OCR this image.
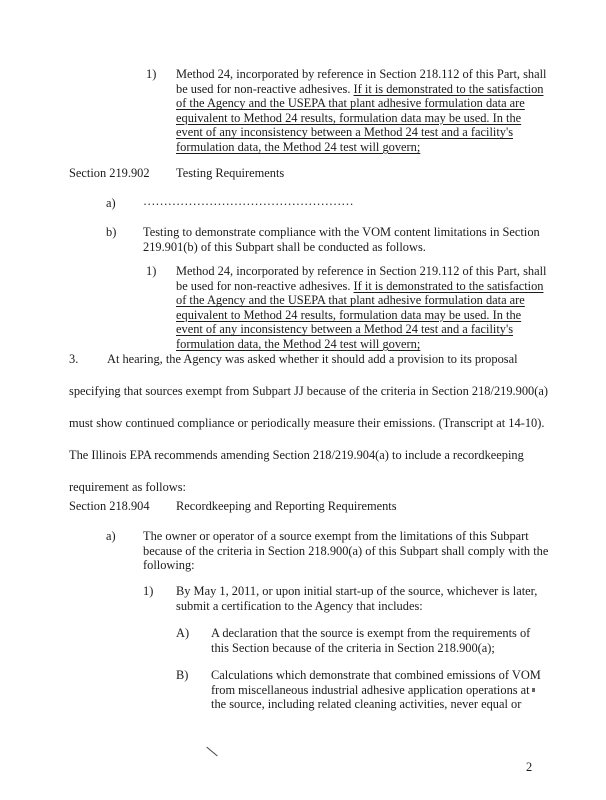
1) Method 24, incorporated by reference in Section 218.112 of this Part, shall
be used for non-reactive adhesives. If it is demonstrated to the satisfaction
of the Agency and the USEPA that plant adhesive formulation data are
equivalent to Method 24 results, formulation data may be used. In the
event of any inconsistency between a Method 24 test and a facility's
formulation data, the Method 24 test will govern;
Section 219.902 Testing Requirements
a) ……………………………………………
b) Testing to demonstrate compliance with the VOM content limitations in Section
219.901(b) of this Subpart shall be conducted as follows.
1) Method 24, incorporated by reference in Section 219.112 of this Part, shall
be used for non-reactive adhesives. If it is demonstrated to the satisfaction
of the Agency and the USEPA that plant adhesive formulation data are
equivalent to Method 24 results, formulation data may be used. In the
event of any inconsistency between a Method 24 test and a facility's
formulation data, the Method 24 test will govern;
3.	At hearing, the Agency was asked whether it should add a provision to its proposal
specifying that sources exempt from Subpart JJ because of the criteria in Section 218/219.900(a)
must show continued compliance or periodically measure their emissions. (Transcript at 14-10).
The Illinois EPA recommends amending Section 218/219.904(a) to include a recordkeeping
requirement as follows:
Section 218.904 Recordkeeping and Reporting Requirements
a) The owner or operator of a source exempt from the limitations of this Subpart
because of the criteria in Section 218.900(a) of this Subpart shall comply with the
following:
1) By May 1, 2011, or upon initial start-up of the source, whichever is later,
submit a certification to the Agency that includes:
A) A declaration that the source is exempt from the requirements of
this Section because of the criteria in Section 218.900(a);
B) Calculations which demonstrate that combined emissions of VOM
from miscellaneous industrial adhesive application operations at
the source, including related cleaning activities, never equal or
2
